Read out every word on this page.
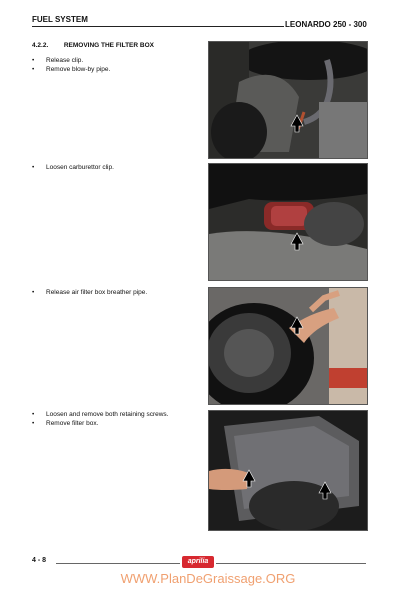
FUEL SYSTEM
LEONARDO 250 - 300
4.2.2. REMOVING THE FILTER BOX
•	Release clip.
•	Remove blow-by pipe.
•	Loosen carburettor clip.
•	Release air filter box breather pipe.
•	Loosen and remove both retaining screws.
•	Remove filter box.
4 - 8	aprilia
WWW.PlanDeGraissage.ORG
